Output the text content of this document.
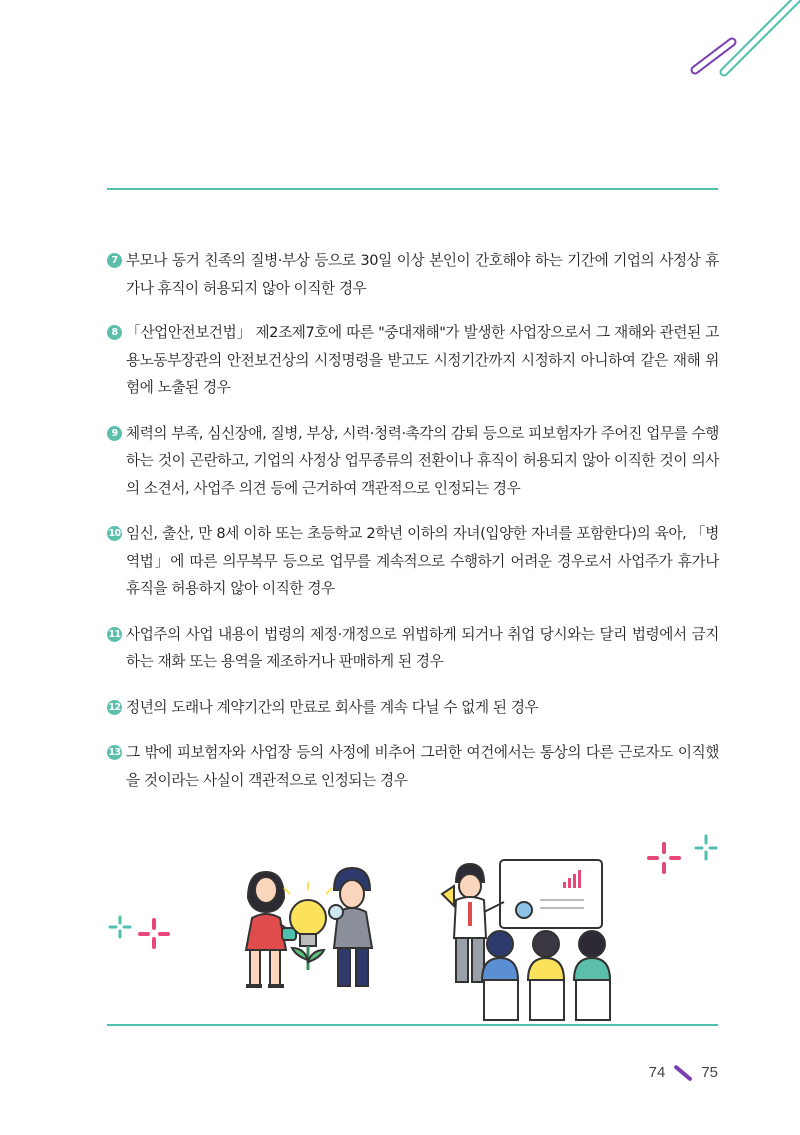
7 부모나 동거 친족의 질병·부상 등으로 30일 이상 본인이 간호해야 하는 기간에 기업의 사정상 휴가나 휴직이 허용되지 않아 이직한 경우
8 「산업안전보건법」 제2조제7호에 따른 "중대재해"가 발생한 사업장으로서 그 재해와 관련된 고용노동부장관의 안전보건상의 시정명령을 받고도 시정기간까지 시정하지 아니하여 같은 재해 위험에 노출된 경우
9 체력의 부족, 심신장애, 질병, 부상, 시력·청력·촉각의 감퇴 등으로 피보험자가 주어진 업무를 수행하는 것이 곤란하고, 기업의 사정상 업무종류의 전환이나 휴직이 허용되지 않아 이직한 것이 의사의 소견서, 사업주 의견 등에 근거하여 객관적으로 인정되는 경우
10 임신, 출산, 만 8세 이하 또는 초등학교 2학년 이하의 자녀(입양한 자녀를 포함한다)의 육아, 「병역법」에 따른 의무복무 등으로 업무를 계속적으로 수행하기 어려운 경우로서 사업주가 휴가나 휴직을 허용하지 않아 이직한 경우
11 사업주의 사업 내용이 법령의 제정·개정으로 위법하게 되거나 취업 당시와는 달리 법령에서 금지하는 재화 또는 용역을 제조하거나 판매하게 된 경우
12 정년의 도래나 계약기간의 만료로 회사를 계속 다닐 수 없게 된 경우
13 그 밖에 피보험자와 사업장 등의 사정에 비추어 그러한 여건에서는 통상의 다른 근로자도 이직했을 것이라는 사실이 객관적으로 인정되는 경우
74 75
